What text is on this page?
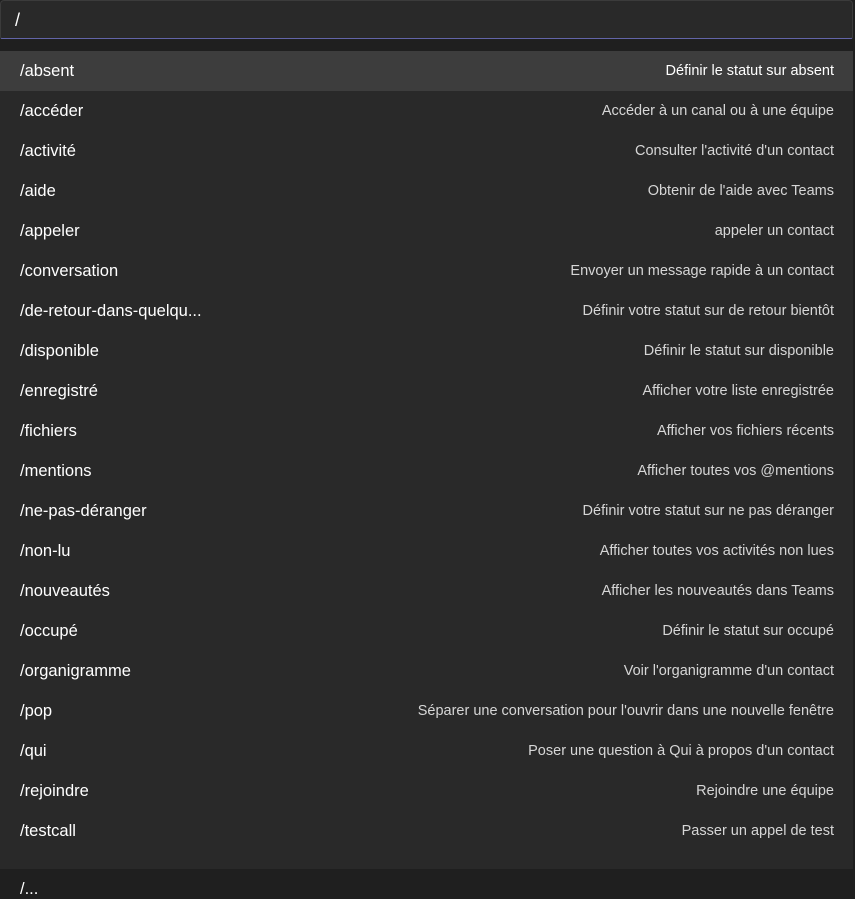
/
/absent	Définir le statut sur absent
/accéder	Accéder à un canal ou à une équipe
/activité	Consulter l'activité d'un contact
/aide	Obtenir de l'aide avec Teams
/appeler	appeler un contact
/conversation	Envoyer un message rapide à un contact
/de-retour-dans-quelqu...	Définir votre statut sur de retour bientôt
/disponible	Définir le statut sur disponible
/enregistré	Afficher votre liste enregistrée
/fichiers	Afficher vos fichiers récents
/mentions	Afficher toutes vos @mentions
/ne-pas-déranger	Définir votre statut sur ne pas déranger
/non-lu	Afficher toutes vos activités non lues
/nouveautés	Afficher les nouveautés dans Teams
/occupé	Définir le statut sur occupé
/organigramme	Voir l'organigramme d'un contact
/pop	Séparer une conversation pour l'ouvrir dans une nouvelle fenêtre
/qui	Poser une question à Qui à propos d'un contact
/rejoindre	Rejoindre une équipe
/testcall	Passer un appel de test
/...
